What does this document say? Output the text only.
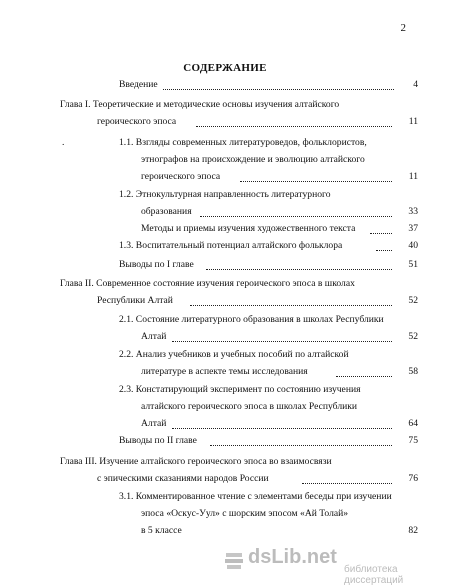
2
СОДЕРЖАНИЕ
Введение	4
Глава I. Теоретические и методические основы изучения алтайского
героического эпоса	11
.	1.1. Взгляды современных литературоведов, фольклористов,
этнографов на происхождение и эволюцию алтайского
героического эпоса	11
1.2. Этнокультурная направленность литературного
образования	33
Методы и приемы изучения художественного текста	37
1.3. Воспитательный потенциал алтайского фольклора	40
Выводы по I главе	51
Глава II. Современное состояние изучения героического эпоса в школах
Республики Алтай	52
2.1. Состояние литературного образования в школах Республики
Алтай	52
2.2. Анализ учебников и учебных пособий по алтайской
литературе в аспекте темы исследования	58
2.3. Констатирующий эксперимент по состоянию изучения
алтайского героического эпоса в школах Республики
Алтай	64
Выводы по II главе	75
Глава III. Изучение алтайского героического эпоса во взаимосвязи
с эпическими сказаниями народов России	76
3.1. Комментированное чтение с элементами беседы при изучении
эпоса «Оскус-Уул» с шорским эпосом «Ай Толай»
в 5 классе	82
dsLib.net
библиотека диссертаций
